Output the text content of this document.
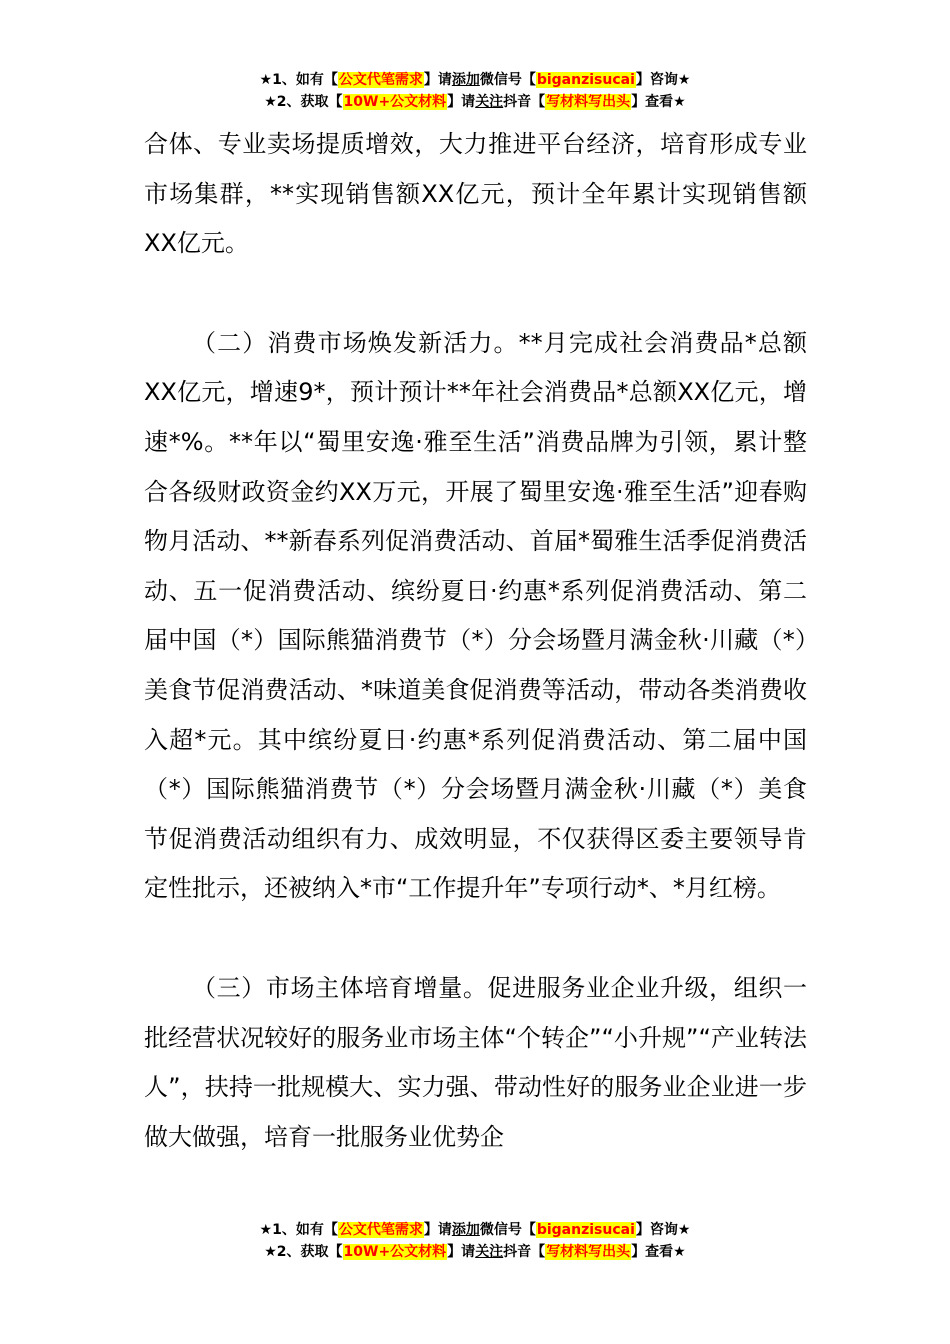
★1、如有【公文代笔需求】请添加微信号【biganzisucai】咨询★
★2、获取【10W+公文材料】请关注抖音【写材料写出头】查看★

合体、专业卖场提质增效，大力推进平台经济，培育形成专业市场集群，**实现销售额XX亿元，预计全年累计实现销售额XX亿元。

（二）消费市场焕发新活力。**月完成社会消费品*总额XX亿元，增速9*，预计预计**年社会消费品*总额XX亿元，增速*%。**年以“蜀里安逸·雅至生活”消费品牌为引领，累计整合各级财政资金约XX万元，开展了蜀里安逸·雅至生活”迎春购物月活动、**新春系列促消费活动、首届*蜀雅生活季促消费活动、五一促消费活动、缤纷夏日·约惠*系列促消费活动、第二届中国（*）国际熊猫消费节（*）分会场暨月满金秋·川藏（*）美食节促消费活动、*味道美食促消费等活动，带动各类消费收入超*元。其中缤纷夏日·约惠*系列促消费活动、第二届中国（*）国际熊猫消费节（*）分会场暨月满金秋·川藏（*）美食节促消费活动组织有力、成效明显，不仅获得区委主要领导肯定性批示，还被纳入*市“工作提升年”专项行动*、*月红榜。

（三）市场主体培育增量。促进服务业企业升级，组织一批经营状况较好的服务业市场主体“个转企”“小升规”“产业转法人”，扶持一批规模大、实力强、带动性好的服务业企业进一步做大做强，培育一批服务业优势企

★1、如有【公文代笔需求】请添加微信号【biganzisucai】咨询★
★2、获取【10W+公文材料】请关注抖音【写材料写出头】查看★
